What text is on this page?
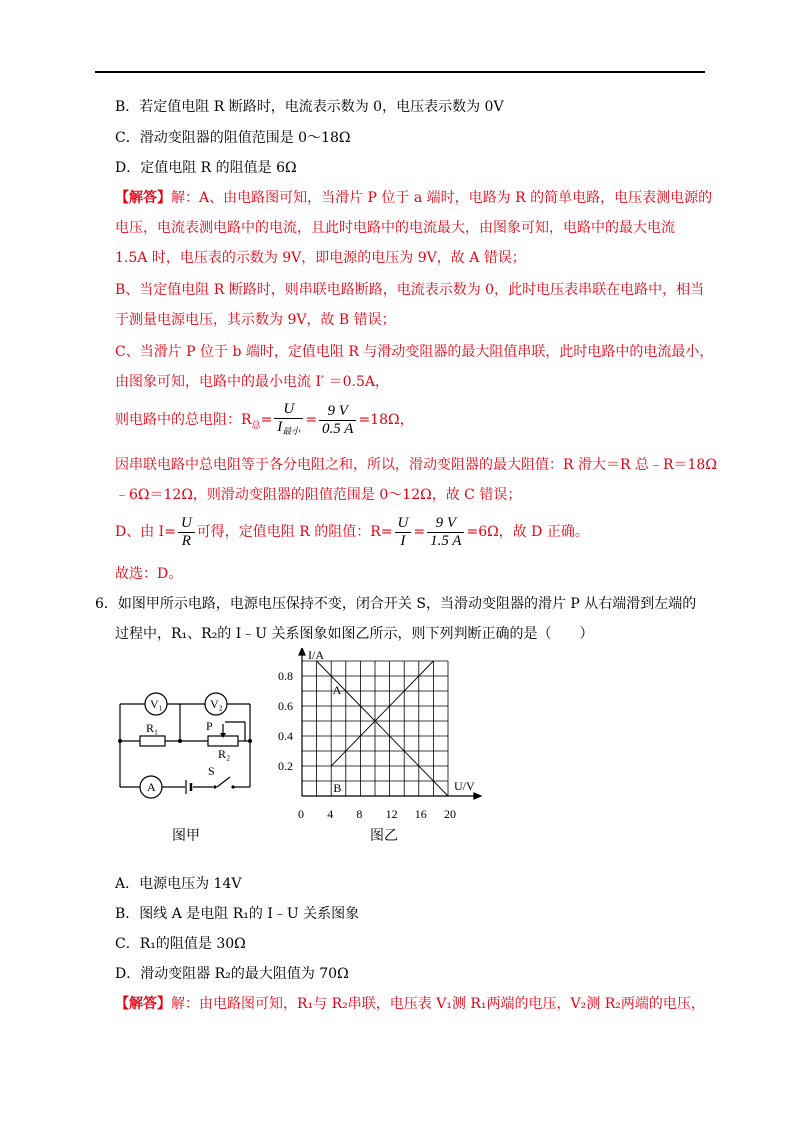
B．若定值电阻 R 断路时，电流表示数为 0，电压表示数为 0V
C．滑动变阻器的阻值范围是 0～18Ω
D．定值电阻 R 的阻值是 6Ω
【解答】解：A、由电路图可知，当滑片 P 位于 a 端时，电路为 R 的简单电路，电压表测电源的
电压，电流表测电路中的电流，且此时电路中的电流最大，由图象可知，电路中的最大电流
1.5A 时，电压表的示数为 9V，即电源的电压为 9V，故 A 错误；
B、当定值电阻 R 断路时，则串联电路断路，电流表示数为 0，此时电压表串联在电路中，相当
于测量电源电压，其示数为 9V，故 B 错误；
C、当滑片 P 位于 b 端时，定值电阻 R 与滑动变阻器的最大阻值串联，此时电路中的电流最小，
由图象可知，电路中的最小电流 I′ ＝0.5A，
则电路中的总电阻：$R_总= \frac{U}{I_{最小}} = \frac{9 V}{0.5 A} =18\Omega$，
因串联电路中总电阻等于各分电阻之和，所以，滑动变阻器的最大阻值：R 滑大＝R 总﹣R＝18Ω
﹣6Ω＝12Ω，则滑动变阻器的阻值范围是 0～12Ω，故 C 错误；
D、由 $I= \frac{U}{R}$ 可得，定值电阻 R 的阻值：$R= \frac{U}{I} = \frac{9 V}{1.5 A} =6\Omega$，故 D 正确。
故选：D。
6．如图甲所示电路，电源电压保持不变，闭合开关 S，当滑动变阻器的滑片 P 从右端滑到左端的
过程中，R₁、R₂的 I﹣U 关系图象如图乙所示，则下列判断正确的是（　　）
V₁	V₂
R₁
R₂
P
S
A
图甲
A
B
0 4 8 12 16 20
0.2
0.4
0.6
0.8
U/V
I/A
图乙
A．电源电压为 14V
B．图线 A 是电阻 R₁的 I﹣U 关系图象
C．R₁的阻值是 30Ω
D．滑动变阻器 R₂的最大阻值为 70Ω
【解答】解：由电路图可知，R₁与 R₂串联，电压表 V₁测 R₁两端的电压，V₂测 R₂两端的电压，
